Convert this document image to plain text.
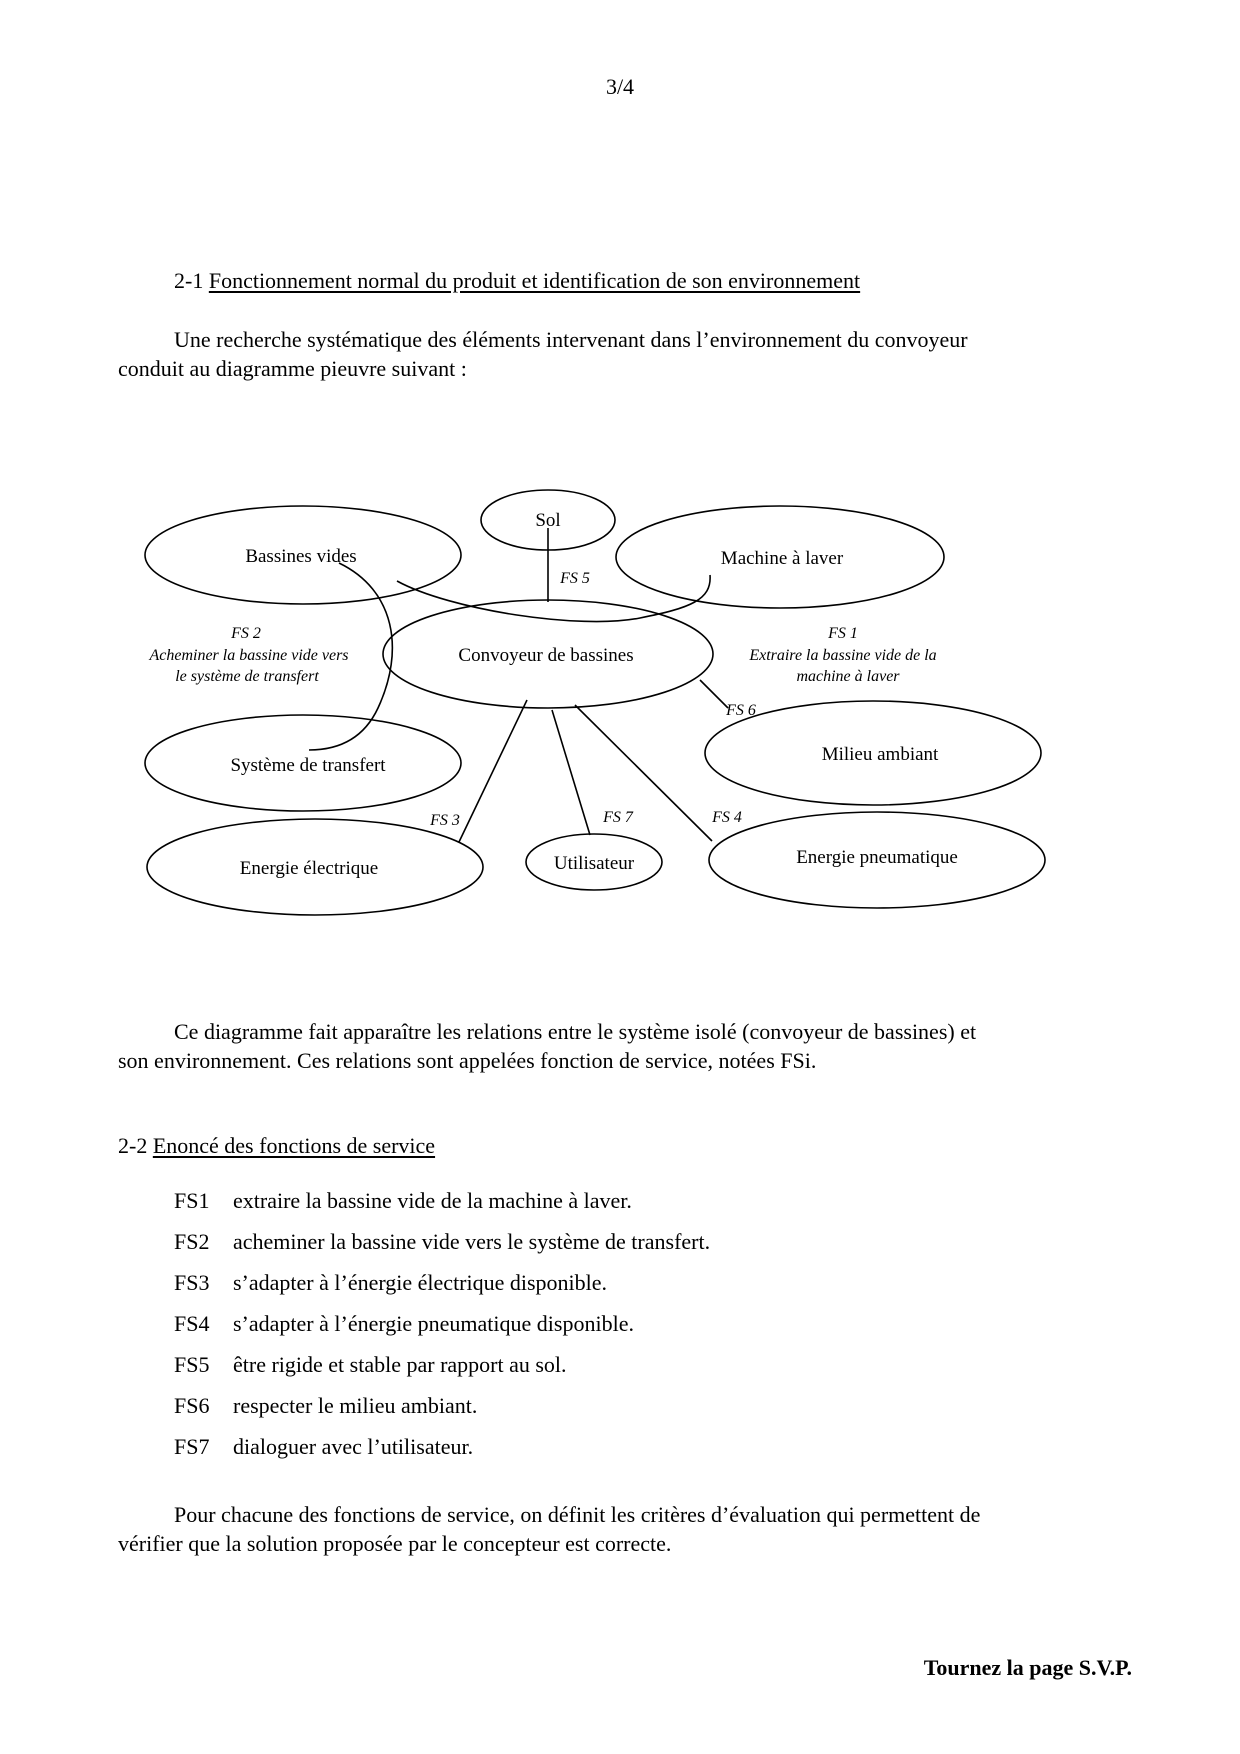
3/4
2-1 Fonctionnement normal du produit et identification de son environnement
Une recherche systématique des éléments intervenant dans l’environnement du convoyeur
conduit au diagramme pieuvre suivant :
Sol
Bassines vides	Machine à laver
Convoyeur de bassines
Système de transfert
Milieu ambiant
Energie électrique	Utilisateur	Energie pneumatique
FS 5
FS 1
Extraire la bassine vide de la
machine à laver
FS 2
Acheminer la bassine vide vers
le système de transfert
FS 6
FS 3	FS 7	FS 4
Ce diagramme fait apparaître les relations entre le système isolé (convoyeur de bassines) et
son environnement. Ces relations sont appelées fonction de service, notées FSi.
2-2 Enoncé des fonctions de service
FS1 extraire la bassine vide de la machine à laver.
FS2 acheminer la bassine vide vers le système de transfert.
FS3 s’adapter à l’énergie électrique disponible.
FS4 s’adapter à l’énergie pneumatique disponible.
FS5 être rigide et stable par rapport au sol.
FS6 respecter le milieu ambiant.
FS7 dialoguer avec l’utilisateur.
Pour chacune des fonctions de service, on définit les critères d’évaluation qui permettent de
vérifier que la solution proposée par le concepteur est correcte.
Tournez la page S.V.P.
